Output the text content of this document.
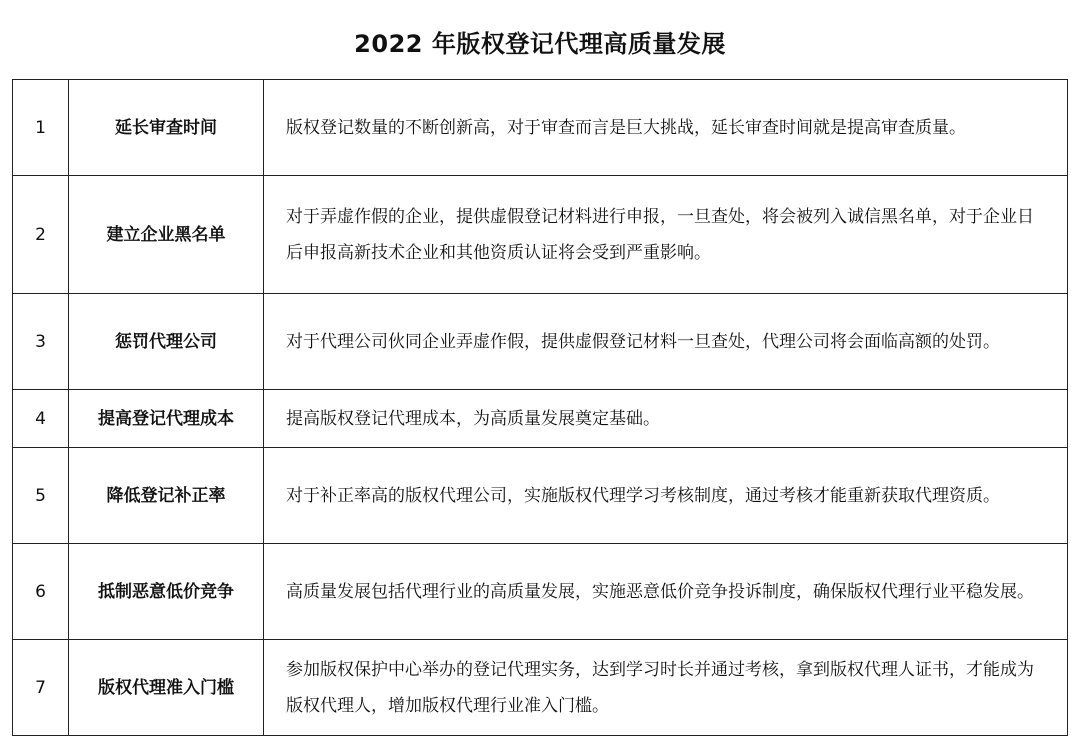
2022 年版权登记代理高质量发展
1	延长审查时间	版权登记数量的不断创新高，对于审查而言是巨大挑战，延长审查时间就是提高审查质量。
2	建立企业黑名单	对于弄虚作假的企业，提供虚假登记材料进行申报，一旦查处，将会被列入诚信黑名单，对于企业日后申报高新技术企业和其他资质认证将会受到严重影响。
3	惩罚代理公司	对于代理公司伙同企业弄虚作假，提供虚假登记材料一旦查处，代理公司将会面临高额的处罚。
4	提高登记代理成本	提高版权登记代理成本，为高质量发展奠定基础。
5	降低登记补正率	对于补正率高的版权代理公司，实施版权代理学习考核制度，通过考核才能重新获取代理资质。
6	抵制恶意低价竞争	高质量发展包括代理行业的高质量发展，实施恶意低价竞争投诉制度，确保版权代理行业平稳发展。
7	版权代理准入门槛	参加版权保护中心举办的登记代理实务，达到学习时长并通过考核，拿到版权代理人证书，才能成为版权代理人，增加版权代理行业准入门槛。
